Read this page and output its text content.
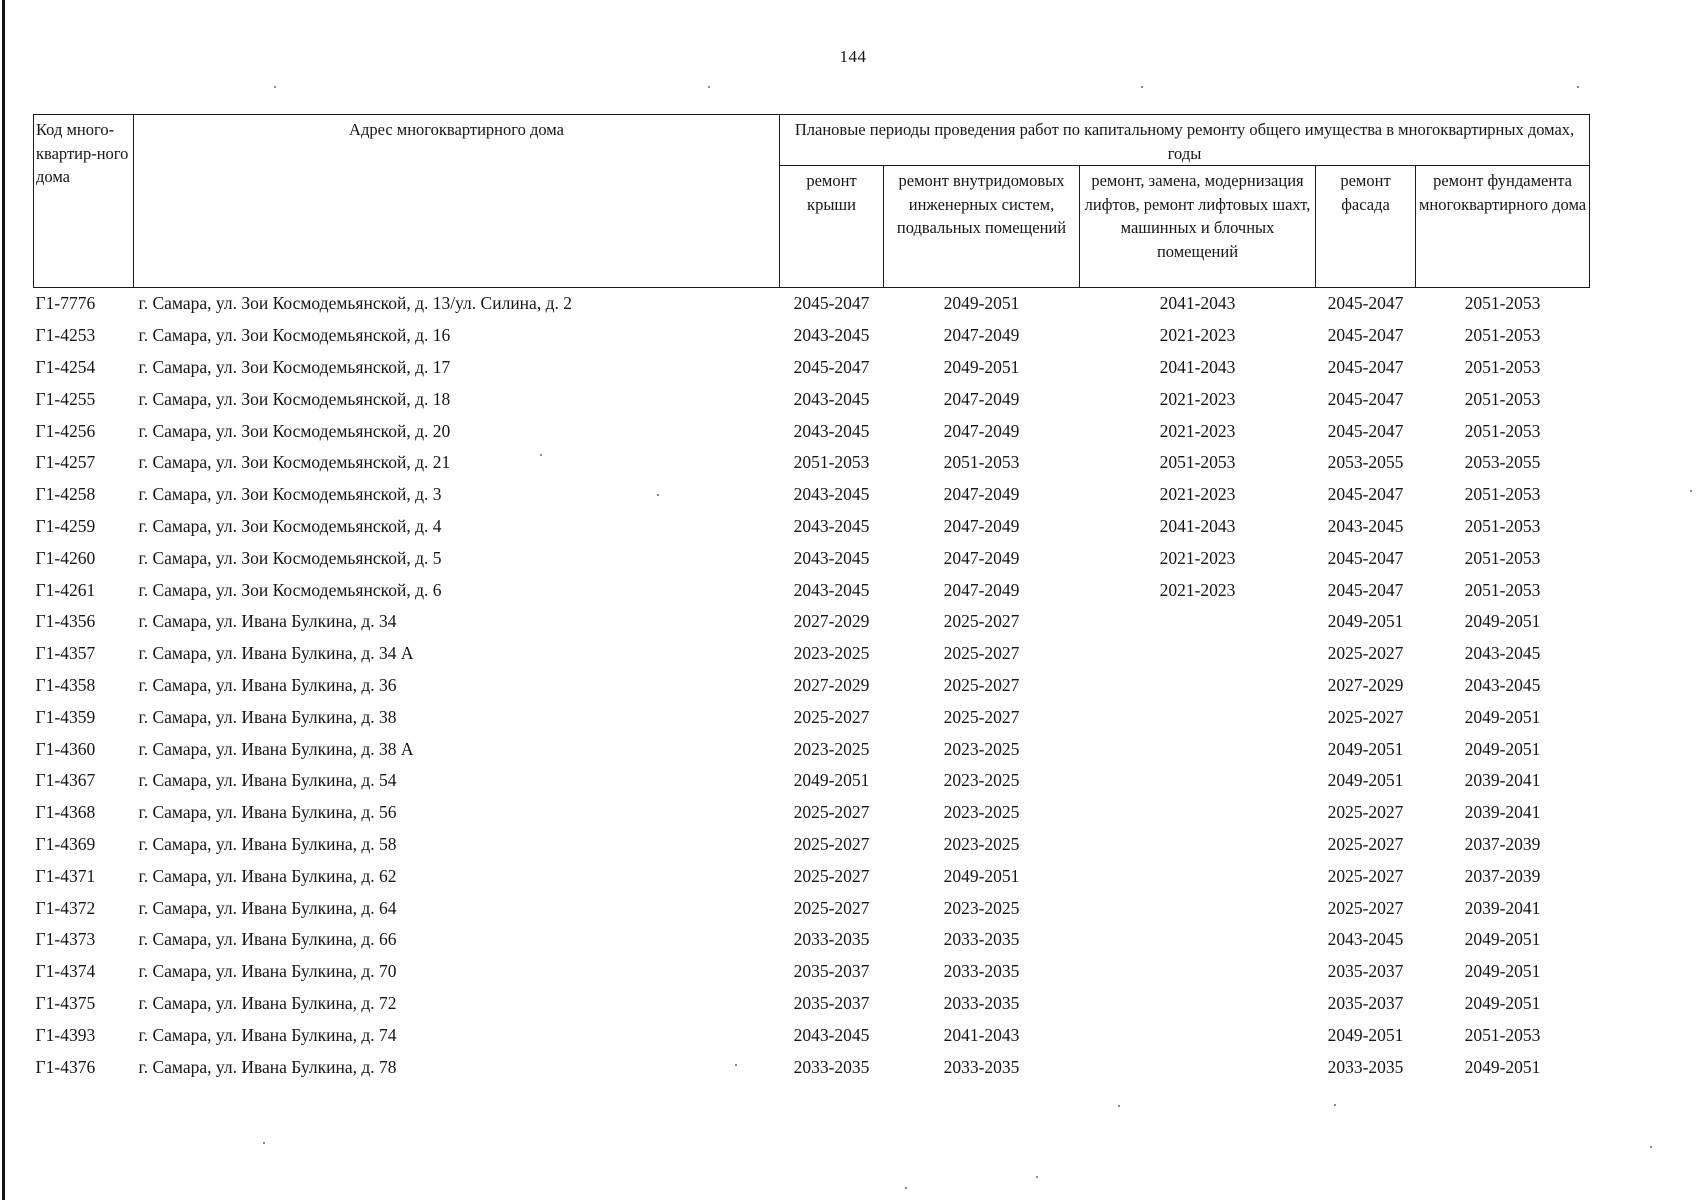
144
Код много-квартир-ного дома	Адрес многоквартирного дома	Плановые периоды проведения работ по капитальному ремонту общего имущества в многоквартирных домах, годы				
		ремонт крыши	ремонт внутридомовых инженерных систем, подвальных помещений	ремонт, замена, модернизация лифтов, ремонт лифтовых шахт, машинных и блочных помещений	ремонт фасада	ремонт фундамента многоквартирного дома
Г1-7776	г. Самара, ул. Зои Космодемьянской, д. 13/ул. Силина, д. 2	2045-2047	2049-2051	2041-2043	2045-2047	2051-2053
Г1-4253	г. Самара, ул. Зои Космодемьянской, д. 16	2043-2045	2047-2049	2021-2023	2045-2047	2051-2053
Г1-4254	г. Самара, ул. Зои Космодемьянской, д. 17	2045-2047	2049-2051	2041-2043	2045-2047	2051-2053
Г1-4255	г. Самара, ул. Зои Космодемьянской, д. 18	2043-2045	2047-2049	2021-2023	2045-2047	2051-2053
Г1-4256	г. Самара, ул. Зои Космодемьянской, д. 20	2043-2045	2047-2049	2021-2023	2045-2047	2051-2053
Г1-4257	г. Самара, ул. Зои Космодемьянской, д. 21	2051-2053	2051-2053	2051-2053	2053-2055	2053-2055
Г1-4258	г. Самара, ул. Зои Космодемьянской, д. 3	2043-2045	2047-2049	2021-2023	2045-2047	2051-2053
Г1-4259	г. Самара, ул. Зои Космодемьянской, д. 4	2043-2045	2047-2049	2041-2043	2043-2045	2051-2053
Г1-4260	г. Самара, ул. Зои Космодемьянской, д. 5	2043-2045	2047-2049	2021-2023	2045-2047	2051-2053
Г1-4261	г. Самара, ул. Зои Космодемьянской, д. 6	2043-2045	2047-2049	2021-2023	2045-2047	2051-2053
Г1-4356	г. Самара, ул. Ивана Булкина, д. 34	2027-2029	2025-2027		2049-2051	2049-2051
Г1-4357	г. Самара, ул. Ивана Булкина, д. 34 А	2023-2025	2025-2027		2025-2027	2043-2045
Г1-4358	г. Самара, ул. Ивана Булкина, д. 36	2027-2029	2025-2027		2027-2029	2043-2045
Г1-4359	г. Самара, ул. Ивана Булкина, д. 38	2025-2027	2025-2027		2025-2027	2049-2051
Г1-4360	г. Самара, ул. Ивана Булкина, д. 38 А	2023-2025	2023-2025		2049-2051	2049-2051
Г1-4367	г. Самара, ул. Ивана Булкина, д. 54	2049-2051	2023-2025		2049-2051	2039-2041
Г1-4368	г. Самара, ул. Ивана Булкина, д. 56	2025-2027	2023-2025		2025-2027	2039-2041
Г1-4369	г. Самара, ул. Ивана Булкина, д. 58	2025-2027	2023-2025		2025-2027	2037-2039
Г1-4371	г. Самара, ул. Ивана Булкина, д. 62	2025-2027	2049-2051		2025-2027	2037-2039
Г1-4372	г. Самара, ул. Ивана Булкина, д. 64	2025-2027	2023-2025		2025-2027	2039-2041
Г1-4373	г. Самара, ул. Ивана Булкина, д. 66	2033-2035	2033-2035		2043-2045	2049-2051
Г1-4374	г. Самара, ул. Ивана Булкина, д. 70	2035-2037	2033-2035		2035-2037	2049-2051
Г1-4375	г. Самара, ул. Ивана Булкина, д. 72	2035-2037	2033-2035		2035-2037	2049-2051
Г1-4393	г. Самара, ул. Ивана Булкина, д. 74	2043-2045	2041-2043		2049-2051	2051-2053
Г1-4376	г. Самара, ул. Ивана Булкина, д. 78	2033-2035	2033-2035		2033-2035	2049-2051
